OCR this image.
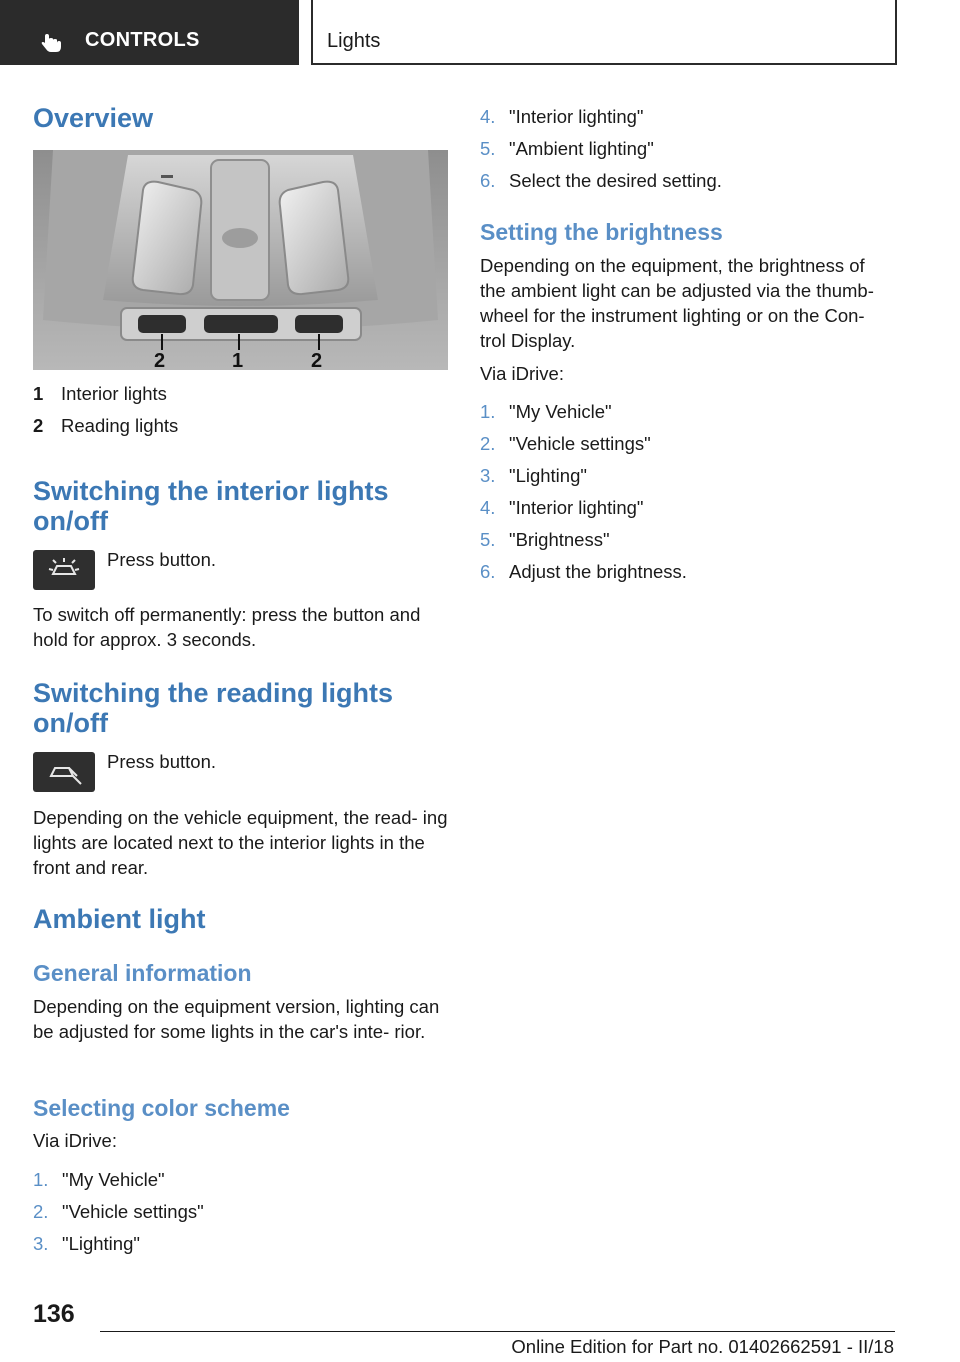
CONTROLS	Lights
Overview
2	1	2
1 Interior lights
2 Reading lights
Switching the interior lights on/off

Press button.

To switch off permanently: press the button and hold for approx. 3 seconds.

Switching the reading lights on/off

Press button.

Depending on the vehicle equipment, the read‐ ing lights are located next to the interior lights in the front and rear.

Ambient light
General information

Depending on the equipment version, lighting can be adjusted for some lights in the car's inte‐ rior.

Selecting color scheme

Via iDrive:

1. "My Vehicle"
2. "Vehicle settings"
3. "Lighting"
4. "Interior lighting"
5. "Ambient lighting"
6. Select the desired setting.
Setting the brightness

Depending on the equipment, the brightness of the ambient light can be adjusted via the thumb‐ wheel for the instrument lighting or on the Con‐ trol Display.

Via iDrive:

1. "My Vehicle"
2. "Vehicle settings"
3. "Lighting"
4. "Interior lighting"
5. "Brightness"
6. Adjust the brightness.
136
Online Edition for Part no. 01402662591 - II/18
